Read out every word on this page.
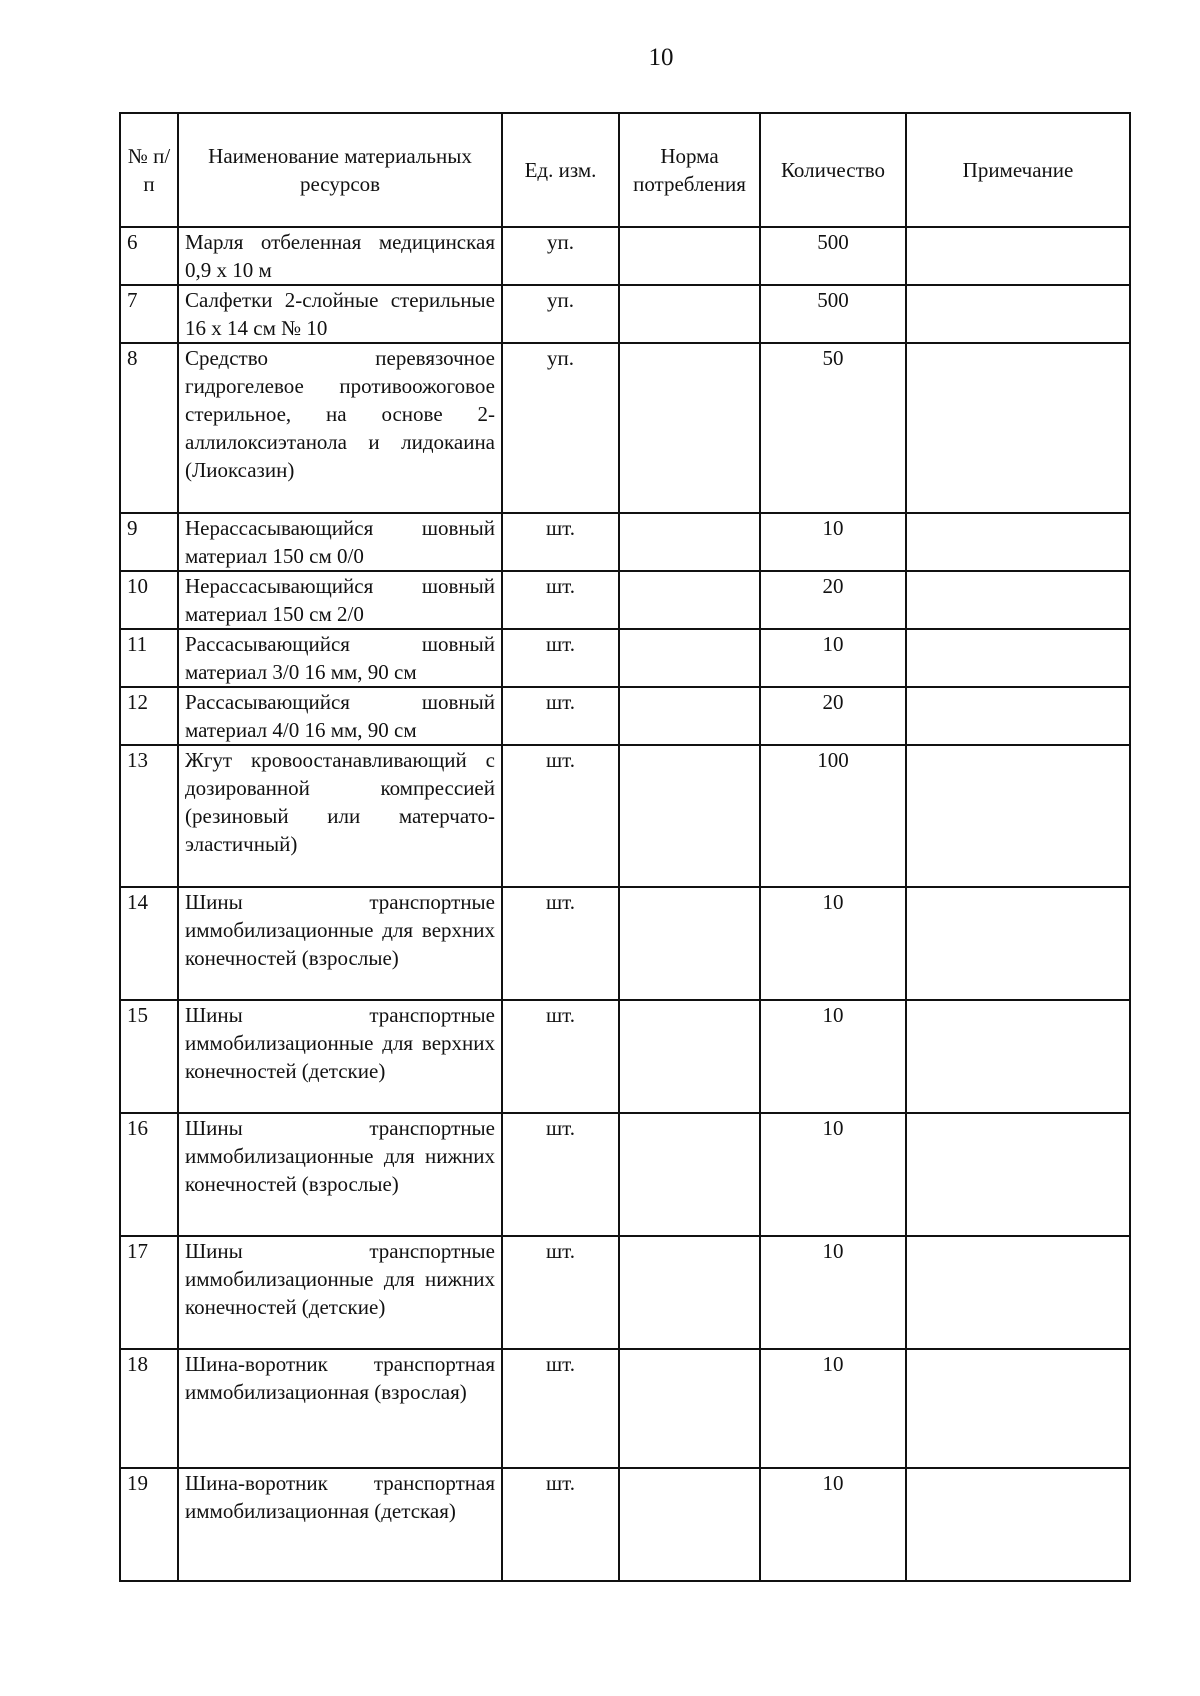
10
№ п/п	Наименование материальных ресурсов	Ед. изм.	Норма потребления	Количество	Примечание
6	Марля отбеленная медицинская 0,9 x 10 м	уп.		500	
7	Салфетки 2-слойные стерильные 16 x 14 см № 10	уп.		500	
8	Средство перевязочное гидрогелевое противоожоговое стерильное, на основе 2-аллилоксиэтанола и лидокаина (Лиоксазин)	уп.		50	
9	Нерассасывающийся шовный материал 150 см 0/0	шт.		10	
10	Нерассасывающийся шовный материал 150 см 2/0	шт.		20	
11	Рассасывающийся шовный материал 3/0 16 мм, 90 см	шт.		10	
12	Рассасывающийся шовный материал 4/0 16 мм, 90 см	шт.		20	
13	Жгут кровоостанавливающий с дозированной компрессией (резиновый или матерчато-эластичный)	шт.		100	
14	Шины транспортные иммобилизационные для верхних конечностей (взрослые)	шт.		10	
15	Шины транспортные иммобилизационные для верхних конечностей (детские)	шт.		10	
16	Шины транспортные иммобилизационные для нижних конечностей (взрослые)	шт.		10	
17	Шины транспортные иммобилизационные для нижних конечностей (детские)	шт.		10	
18	Шина-воротник транспортная иммобилизационная (взрослая)	шт.		10	
19	Шина-воротник транспортная иммобилизационная (детская)	шт.		10	
